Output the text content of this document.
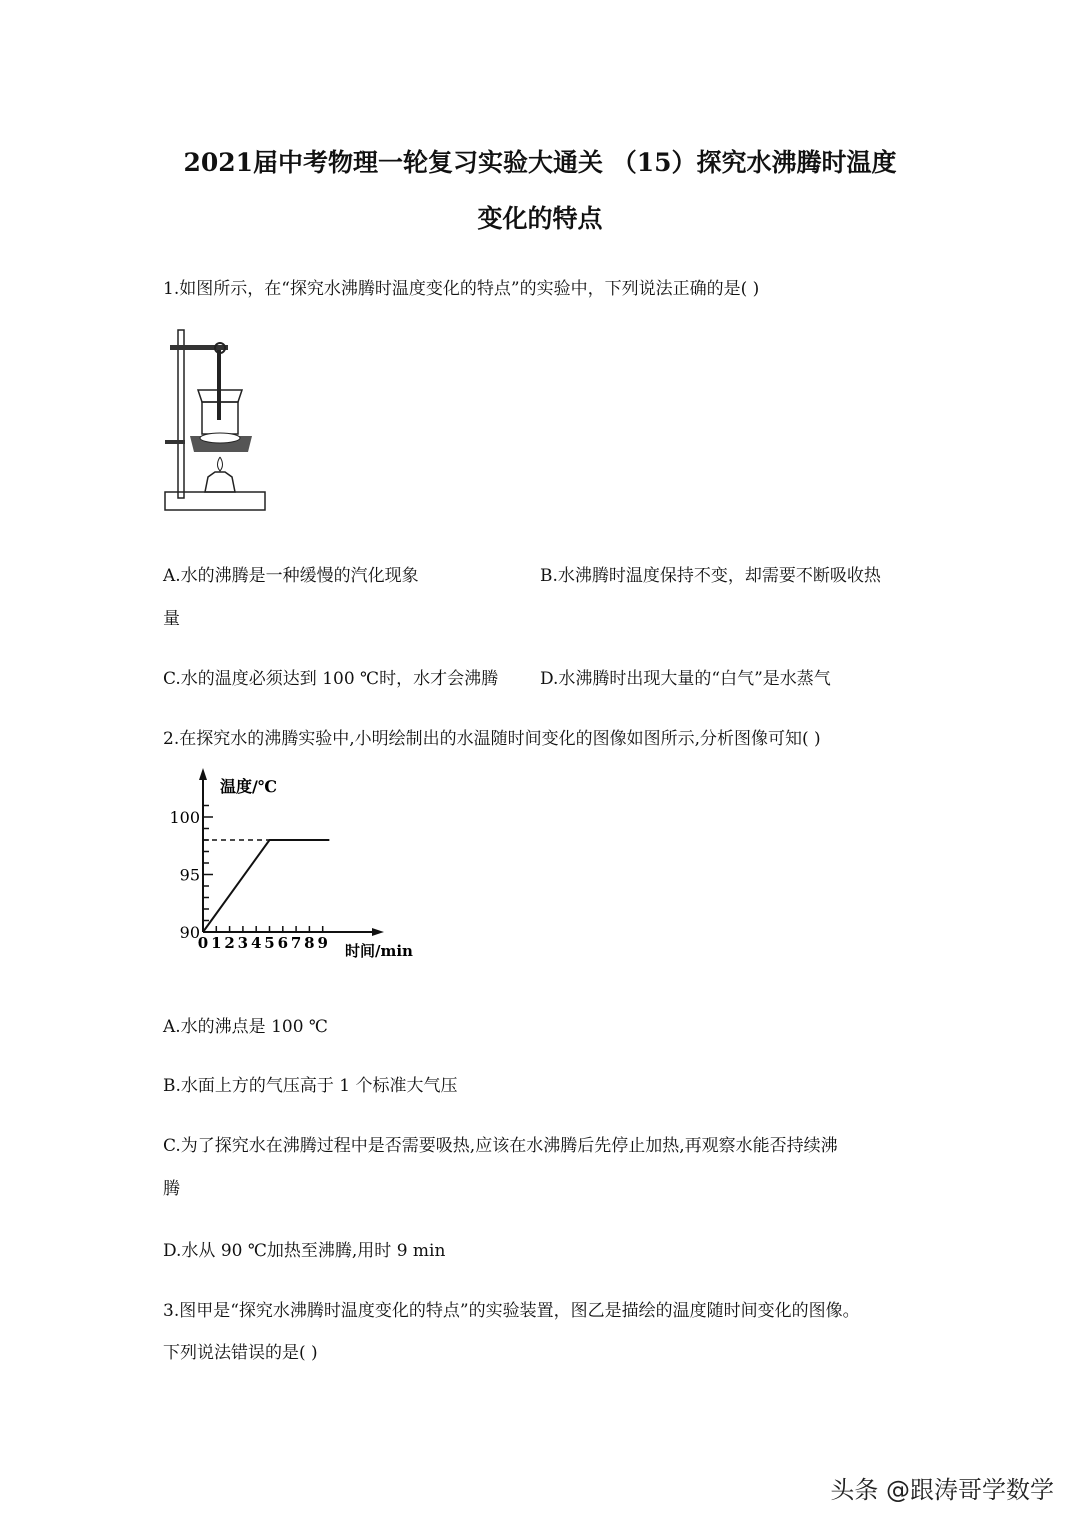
2021届中考物理一轮复习实验大通关 （15）探究水沸腾时温度
变化的特点
1.如图所示，在“探究水沸腾时温度变化的特点”的实验中，下列说法正确的是( )
A.水的沸腾是一种缓慢的汽化现象	B.水沸腾时温度保持不变，却需要不断吸收热
量
C.水的温度必须达到 100 ℃时，水才会沸腾 D.水沸腾时出现大量的“白气”是水蒸气
2.在探究水的沸腾实验中,小明绘制出的水温随时间变化的图像如图所示,分析图像可知( )
90
95
100
0 1 2 3 4 5 6 7 8 9
温度/℃
时间/min
A.水的沸点是 100 ℃
B.水面上方的气压高于 1 个标准大气压
C.为了探究水在沸腾过程中是否需要吸热,应该在水沸腾后先停止加热,再观察水能否持续沸
腾
D.水从 90 ℃加热至沸腾,用时 9 min
3.图甲是“探究水沸腾时温度变化的特点”的实验装置，图乙是描绘的温度随时间变化的图像。
下列说法错误的是( )
头条 @跟涛哥学数学
